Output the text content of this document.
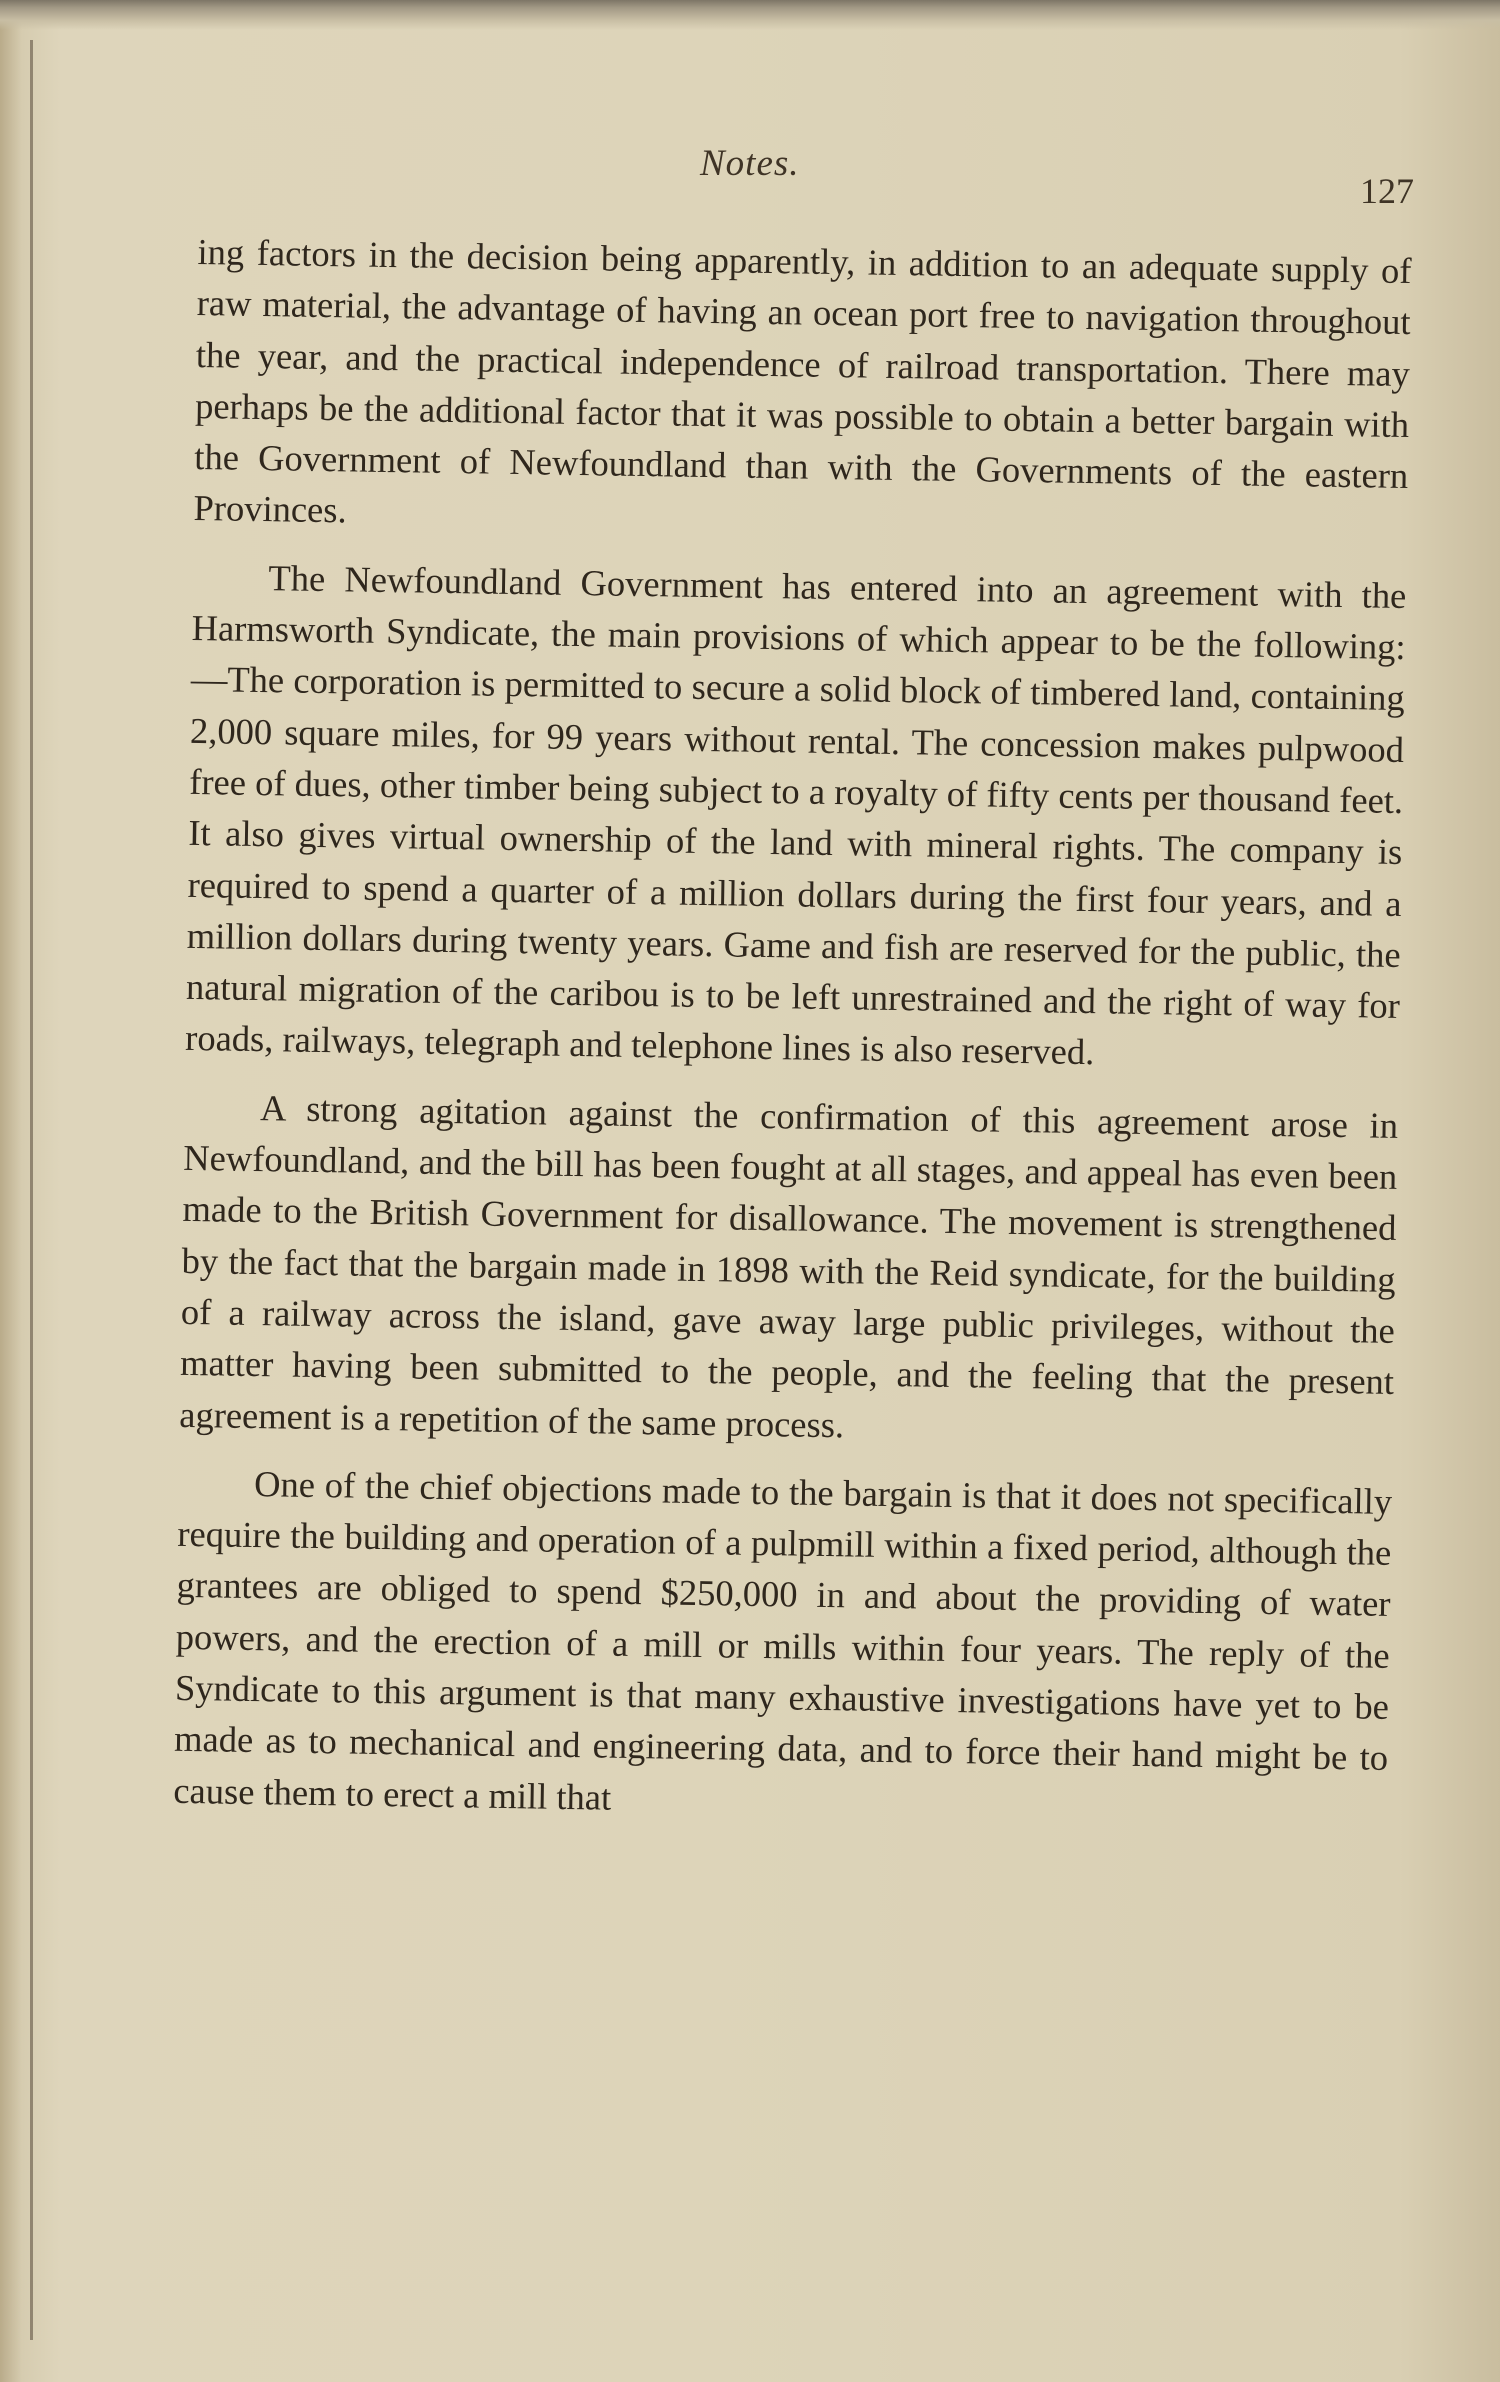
Notes.
127

ing factors in the decision being apparently, in addition to an adequate supply of raw material, the advantage of having an ocean port free to navigation throughout the year, and the practical independence of railroad transportation. There may perhaps be the additional factor that it was possible to obtain a better bargain with the Government of Newfoundland than with the Governments of the eastern Provinces.

The Newfoundland Government has entered into an agreement with the Harmsworth Syndicate, the main provisions of which appear to be the following:—The corporation is permitted to secure a solid block of timbered land, containing 2,000 square miles, for 99 years without rental. The concession makes pulpwood free of dues, other timber being subject to a royalty of fifty cents per thousand feet. It also gives virtual ownership of the land with mineral rights. The company is required to spend a quarter of a million dollars during the first four years, and a million dollars during twenty years. Game and fish are reserved for the public, the natural migration of the caribou is to be left unrestrained and the right of way for roads, railways, telegraph and telephone lines is also reserved.

A strong agitation against the confirmation of this agreement arose in Newfoundland, and the bill has been fought at all stages, and appeal has even been made to the British Government for disallowance. The movement is strengthened by the fact that the bargain made in 1898 with the Reid syndicate, for the building of a railway across the island, gave away large public privileges, without the matter having been submitted to the people, and the feeling that the present agreement is a repetition of the same process.

One of the chief objections made to the bargain is that it does not specifically require the building and operation of a pulpmill within a fixed period, although the grantees are obliged to spend $250,000 in and about the providing of water powers, and the erection of a mill or mills within four years. The reply of the Syndicate to this argument is that many exhaustive investigations have yet to be made as to mechanical and engineering data, and to force their hand might be to cause them to erect a mill that
